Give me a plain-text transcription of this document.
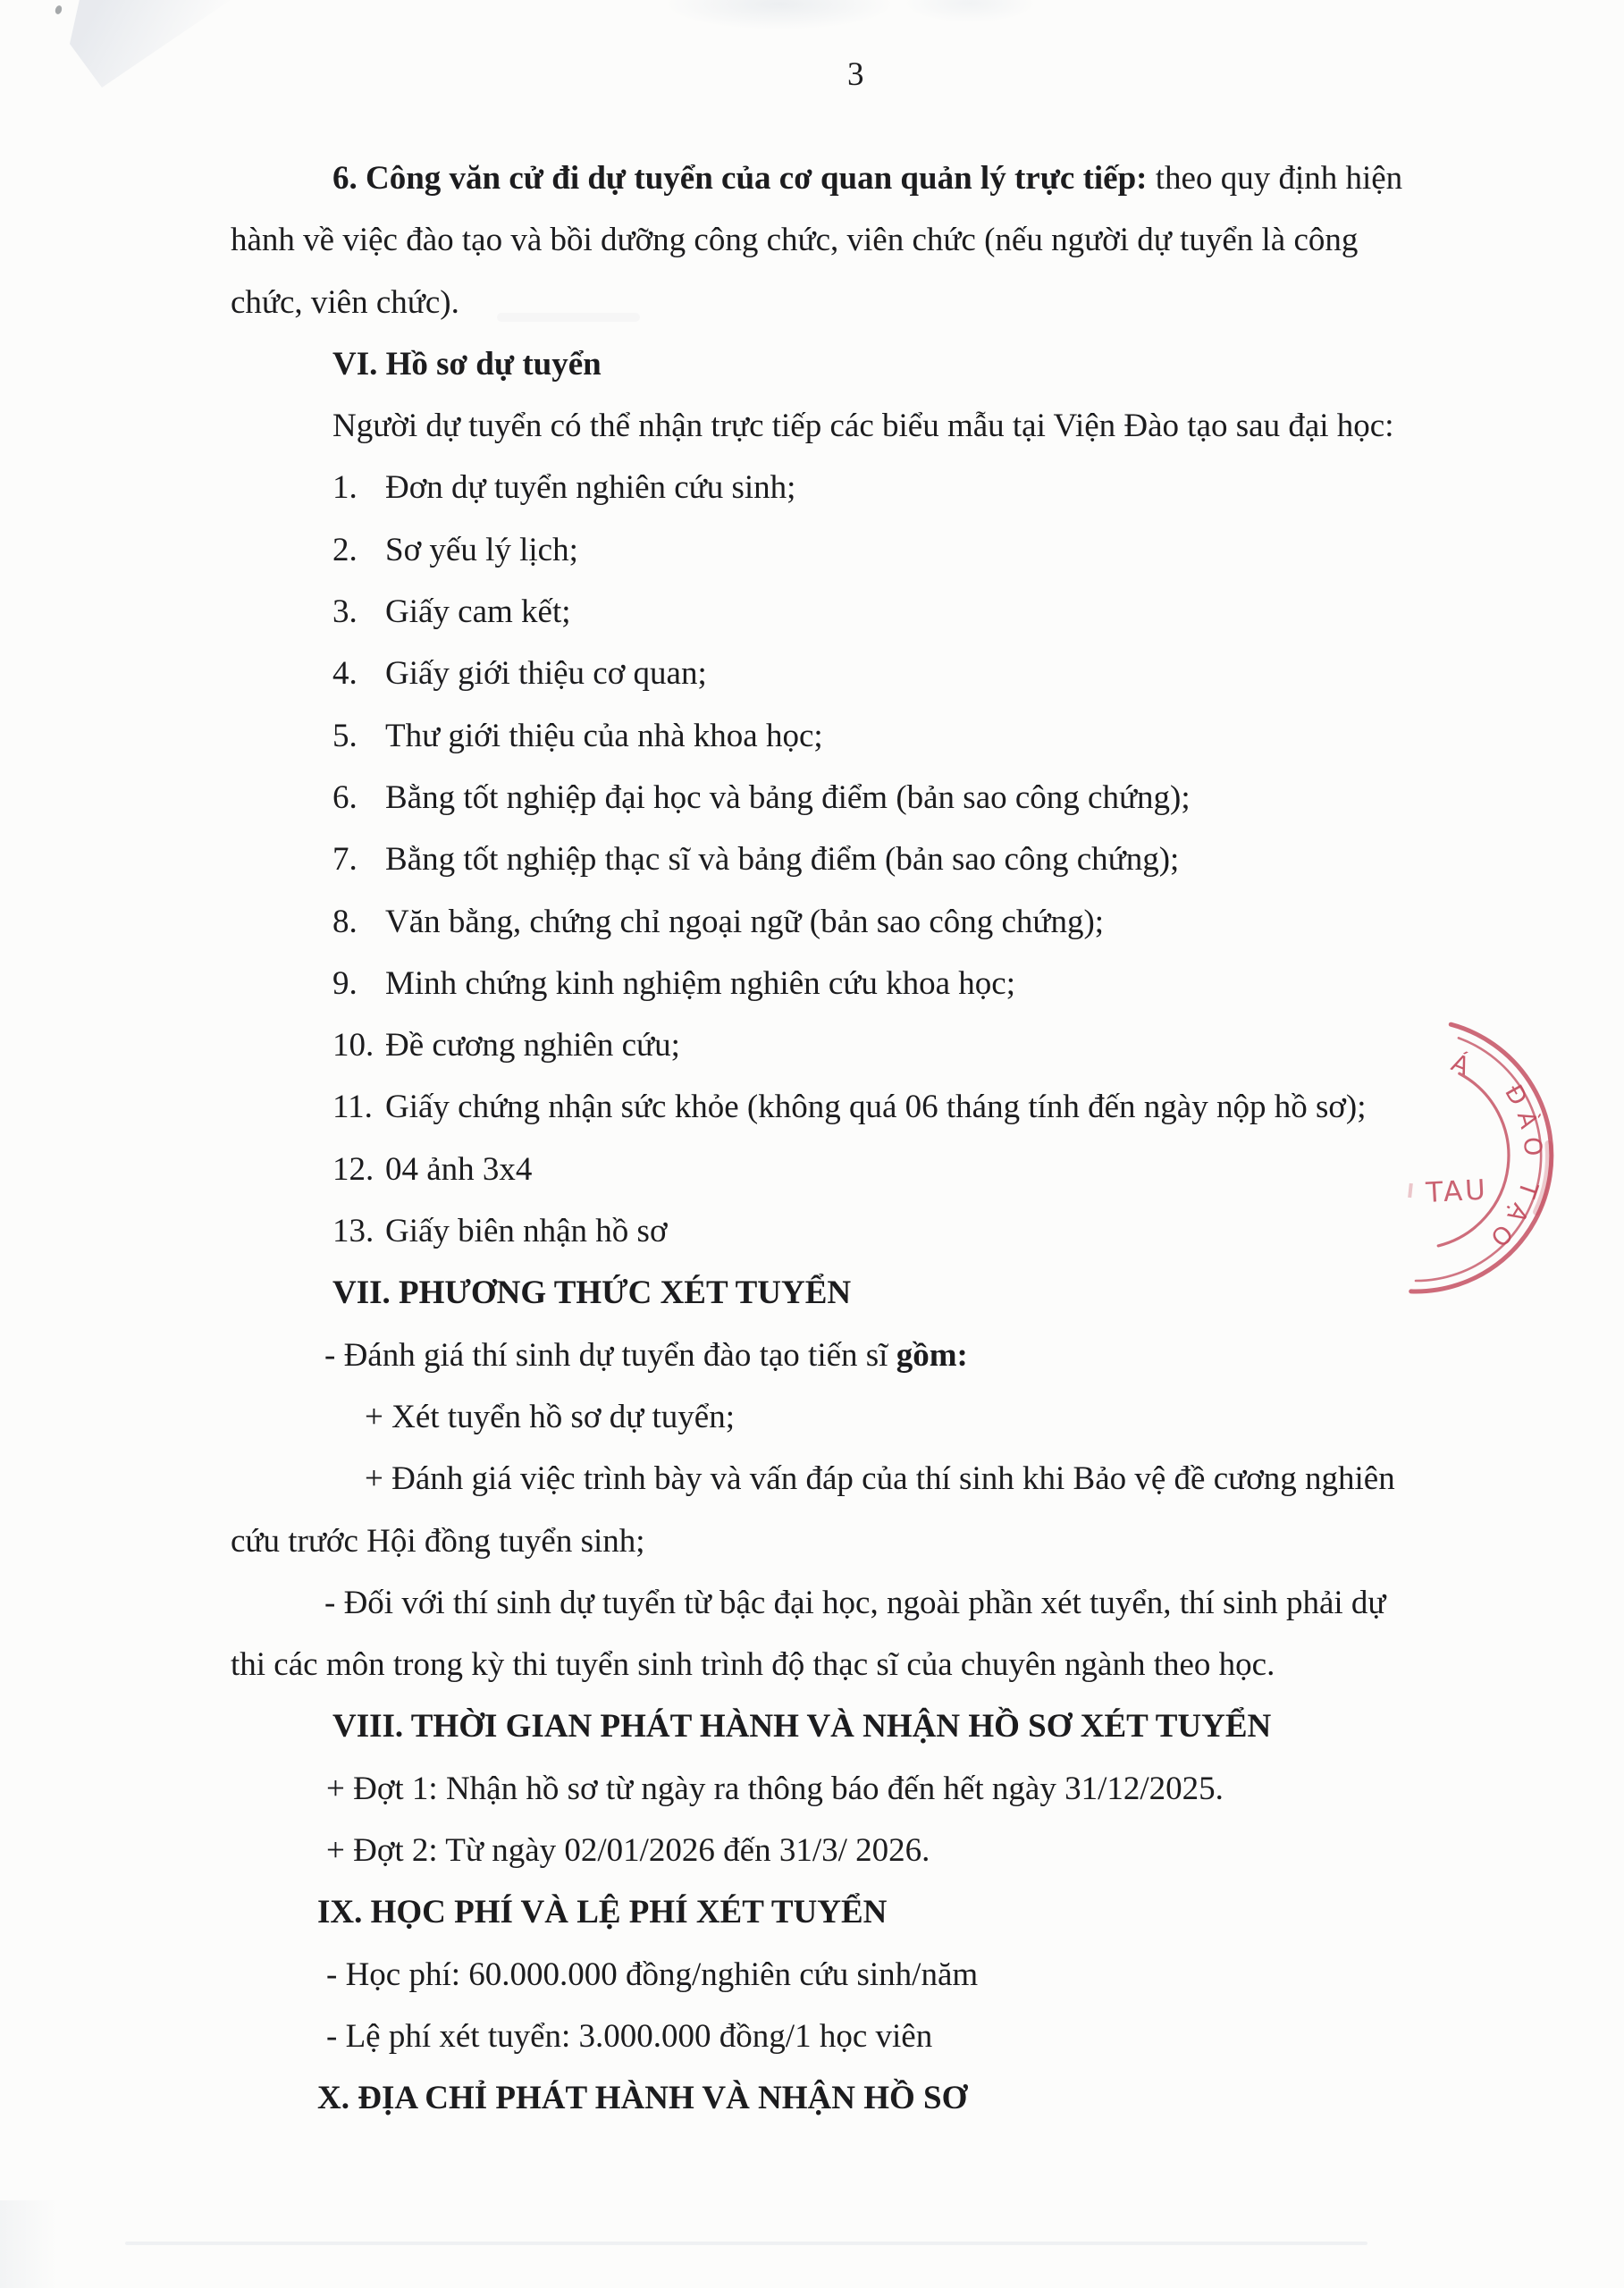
3
ĐÀO TẠO
TAU
Á
6. Công văn cử đi dự tuyển của cơ quan quản lý trực tiếp: theo quy định hiện
hành về việc đào tạo và bồi dưỡng công chức, viên chức (nếu người dự tuyển là công
chức, viên chức).
VI. Hồ sơ dự tuyển
Người dự tuyển có thể nhận trực tiếp các biểu mẫu tại Viện Đào tạo sau đại học:
1. Đơn dự tuyển nghiên cứu sinh;
2. Sơ yếu lý lịch;
3. Giấy cam kết;
4. Giấy giới thiệu cơ quan;
5. Thư giới thiệu của nhà khoa học;
6. Bằng tốt nghiệp đại học và bảng điểm (bản sao công chứng);
7. Bằng tốt nghiệp thạc sĩ và bảng điểm (bản sao công chứng);
8. Văn bằng, chứng chỉ ngoại ngữ (bản sao công chứng);
9. Minh chứng kinh nghiệm nghiên cứu khoa học;
10. Đề cương nghiên cứu;
11. Giấy chứng nhận sức khỏe (không quá 06 tháng tính đến ngày nộp hồ sơ);
12. 04 ảnh 3x4
13. Giấy biên nhận hồ sơ
VII. PHƯƠNG THỨC XÉT TUYỂN
- Đánh giá thí sinh dự tuyển đào tạo tiến sĩ gồm:
+ Xét tuyển hồ sơ dự tuyển;
+ Đánh giá việc trình bày và vấn đáp của thí sinh khi Bảo vệ đề cương nghiên
cứu trước Hội đồng tuyển sinh;
- Đối với thí sinh dự tuyển từ bậc đại học, ngoài phần xét tuyển, thí sinh phải dự
thi các môn trong kỳ thi tuyển sinh trình độ thạc sĩ của chuyên ngành theo học.
VIII. THỜI GIAN PHÁT HÀNH VÀ NHẬN HỒ SƠ XÉT TUYỂN
+ Đợt 1: Nhận hồ sơ từ ngày ra thông báo đến hết ngày 31/12/2025.
+ Đợt 2: Từ ngày 02/01/2026 đến 31/3/ 2026.
IX. HỌC PHÍ VÀ LỆ PHÍ XÉT TUYỂN
- Học phí: 60.000.000 đồng/nghiên cứu sinh/năm
- Lệ phí xét tuyển: 3.000.000 đồng/1 học viên
X. ĐỊA CHỈ PHÁT HÀNH VÀ NHẬN HỒ SƠ
